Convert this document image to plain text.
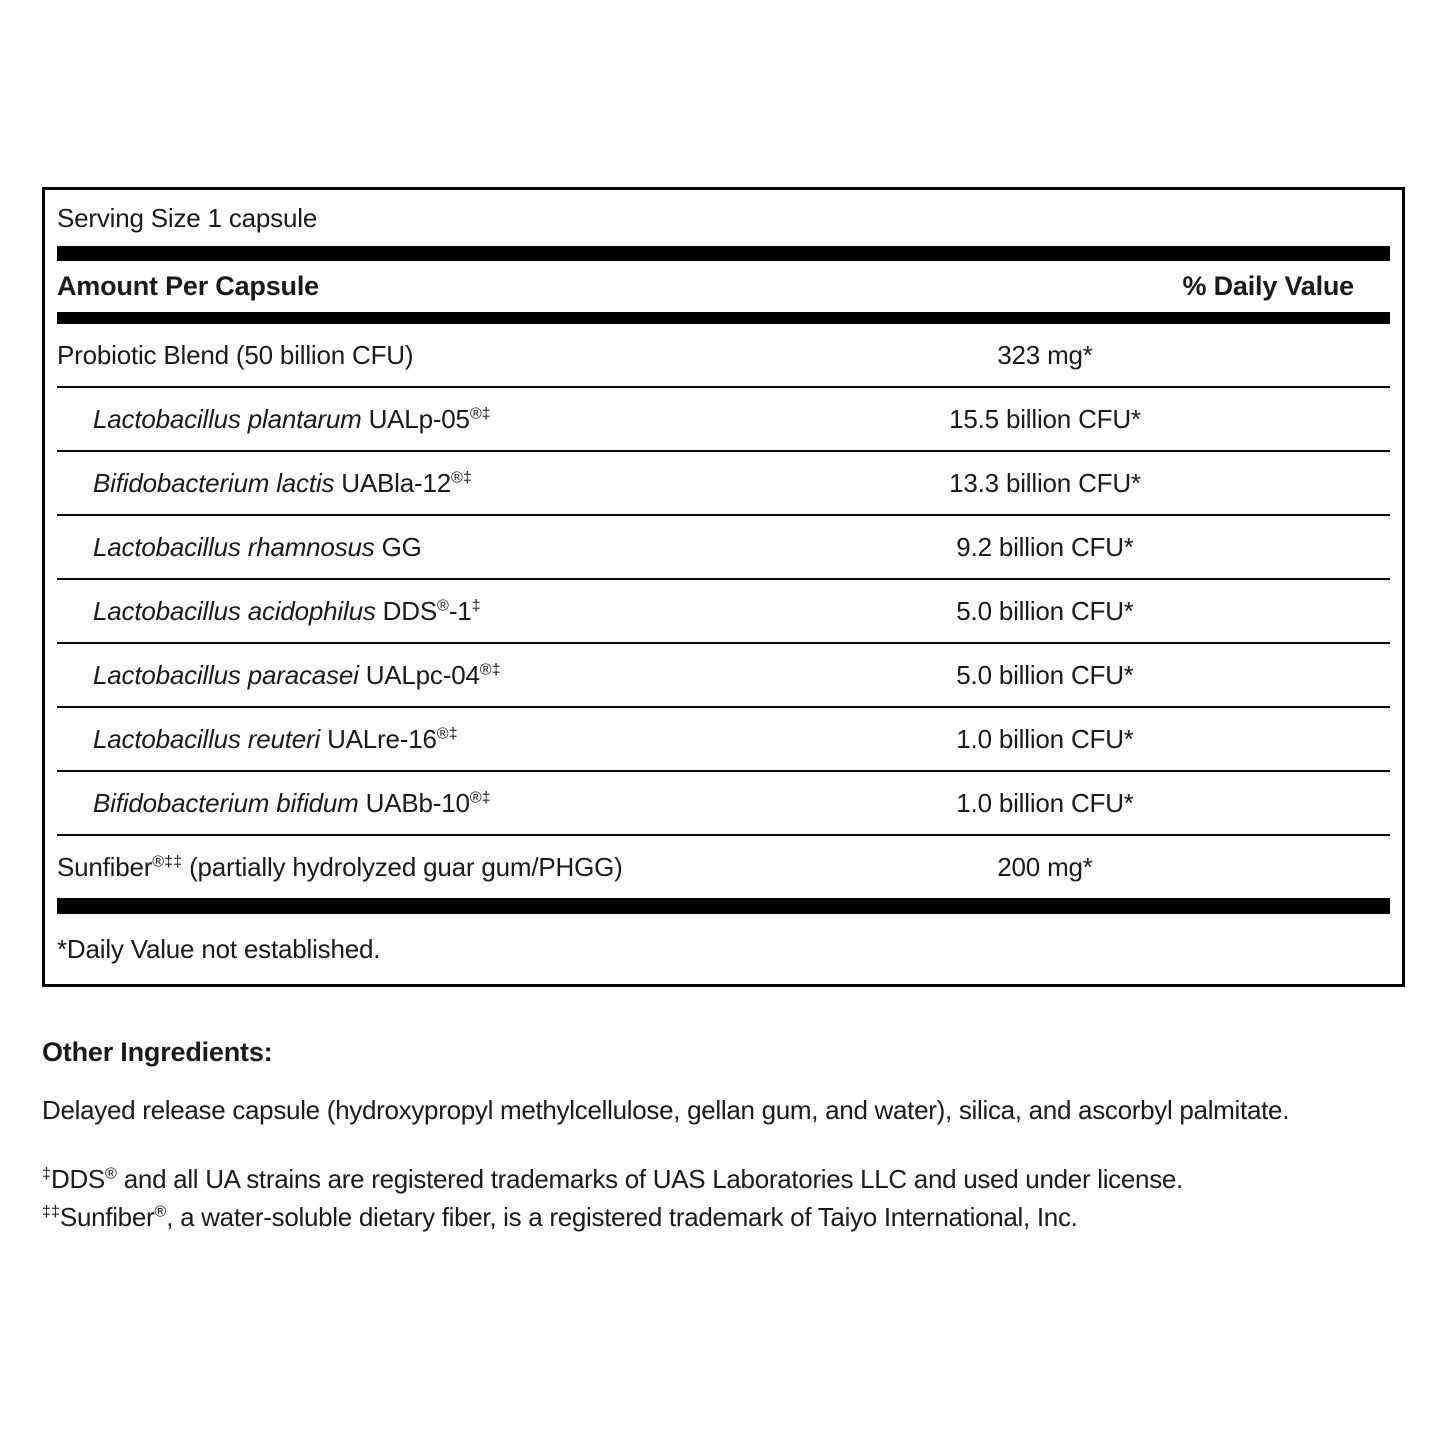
Serving Size 1 capsule
Amount Per Capsule	% Daily Value
Probiotic Blend (50 billion CFU)	323 mg*
Lactobacillus plantarum UALp-05®‡	15.5 billion CFU*
Bifidobacterium lactis UABla-12®‡	13.3 billion CFU*
Lactobacillus rhamnosus GG	9.2 billion CFU*
Lactobacillus acidophilus DDS®-1‡	5.0 billion CFU*
Lactobacillus paracasei UALpc-04®‡	5.0 billion CFU*
Lactobacillus reuteri UALre-16®‡	1.0 billion CFU*
Bifidobacterium bifidum UABb-10®‡	1.0 billion CFU*
Sunfiber®‡‡ (partially hydrolyzed guar gum/PHGG)	200 mg*
*Daily Value not established.
Other Ingredients:

Delayed release capsule (hydroxypropyl methylcellulose, gellan gum, and water), silica, and ascorbyl palmitate.

‡DDS® and all UA strains are registered trademarks of UAS Laboratories LLC and used under license.
‡‡Sunfiber®, a water-soluble dietary fiber, is a registered trademark of Taiyo International, Inc.
